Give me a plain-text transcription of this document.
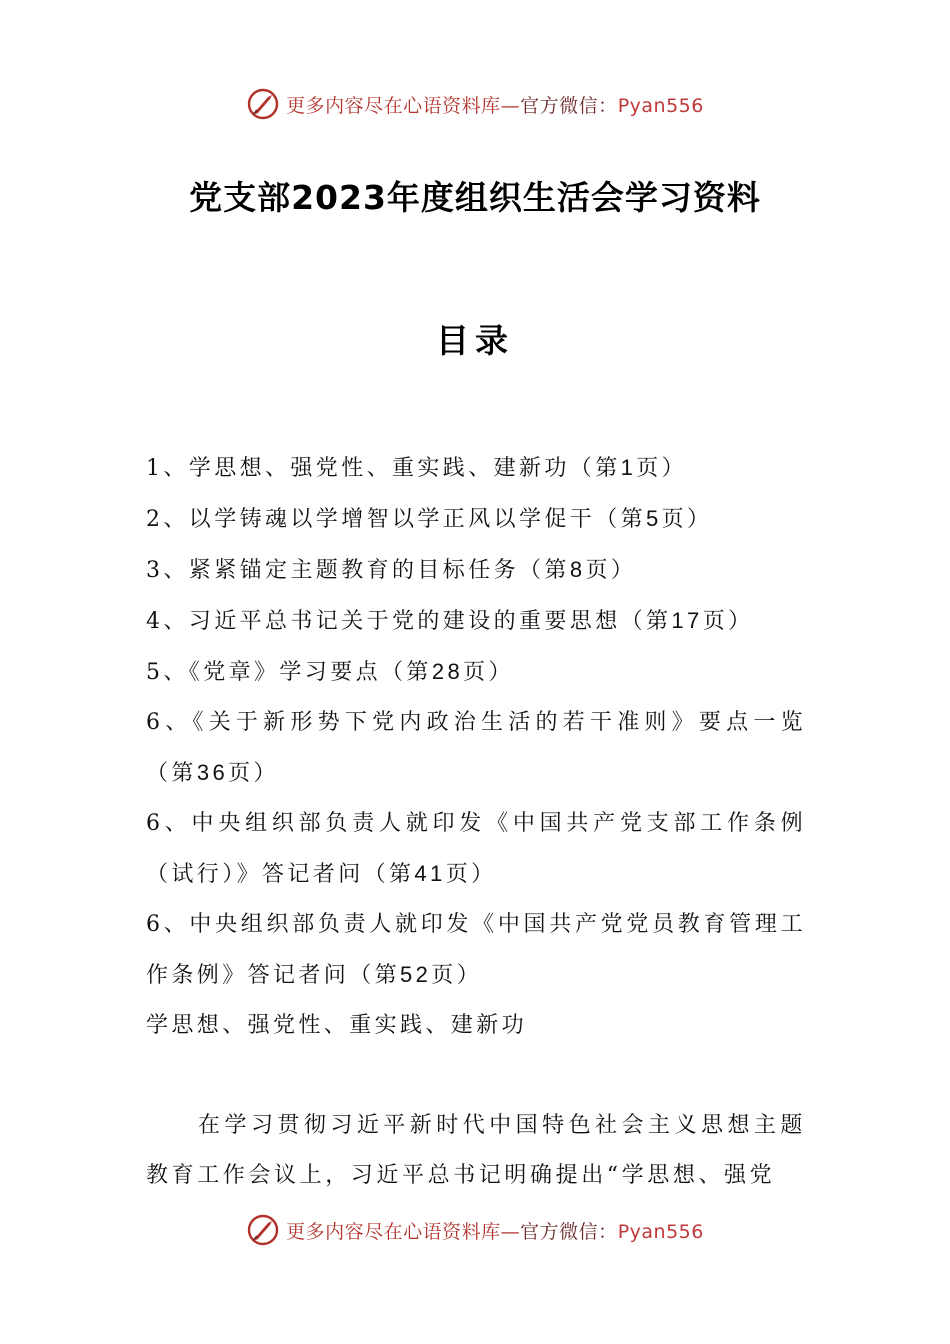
更多内容尽在心语资料库—官方微信：Pyan556
党支部2023年度组织生活会学习资料
目录
1、学思想、强党性、重实践、建新功（第1页）
2、以学铸魂以学增智以学正风以学促干（第5页）
3、紧紧锚定主题教育的目标任务（第8页）
4、习近平总书记关于党的建设的重要思想（第17页）
5、《党章》学习要点（第28页）
6、《关于新形势下党内政治生活的若干准则》要点一览（第36页）
6、中央组织部负责人就印发《中国共产党支部工作条例（试行）》答记者问（第41页）
6、中央组织部负责人就印发《中国共产党党员教育管理工作条例》答记者问（第52页）
学思想、强党性、重实践、建新功
在学习贯彻习近平新时代中国特色社会主义思想主题教育工作会议上，习近平总书记明确提出“学思想、强党
更多内容尽在心语资料库—官方微信：Pyan556
